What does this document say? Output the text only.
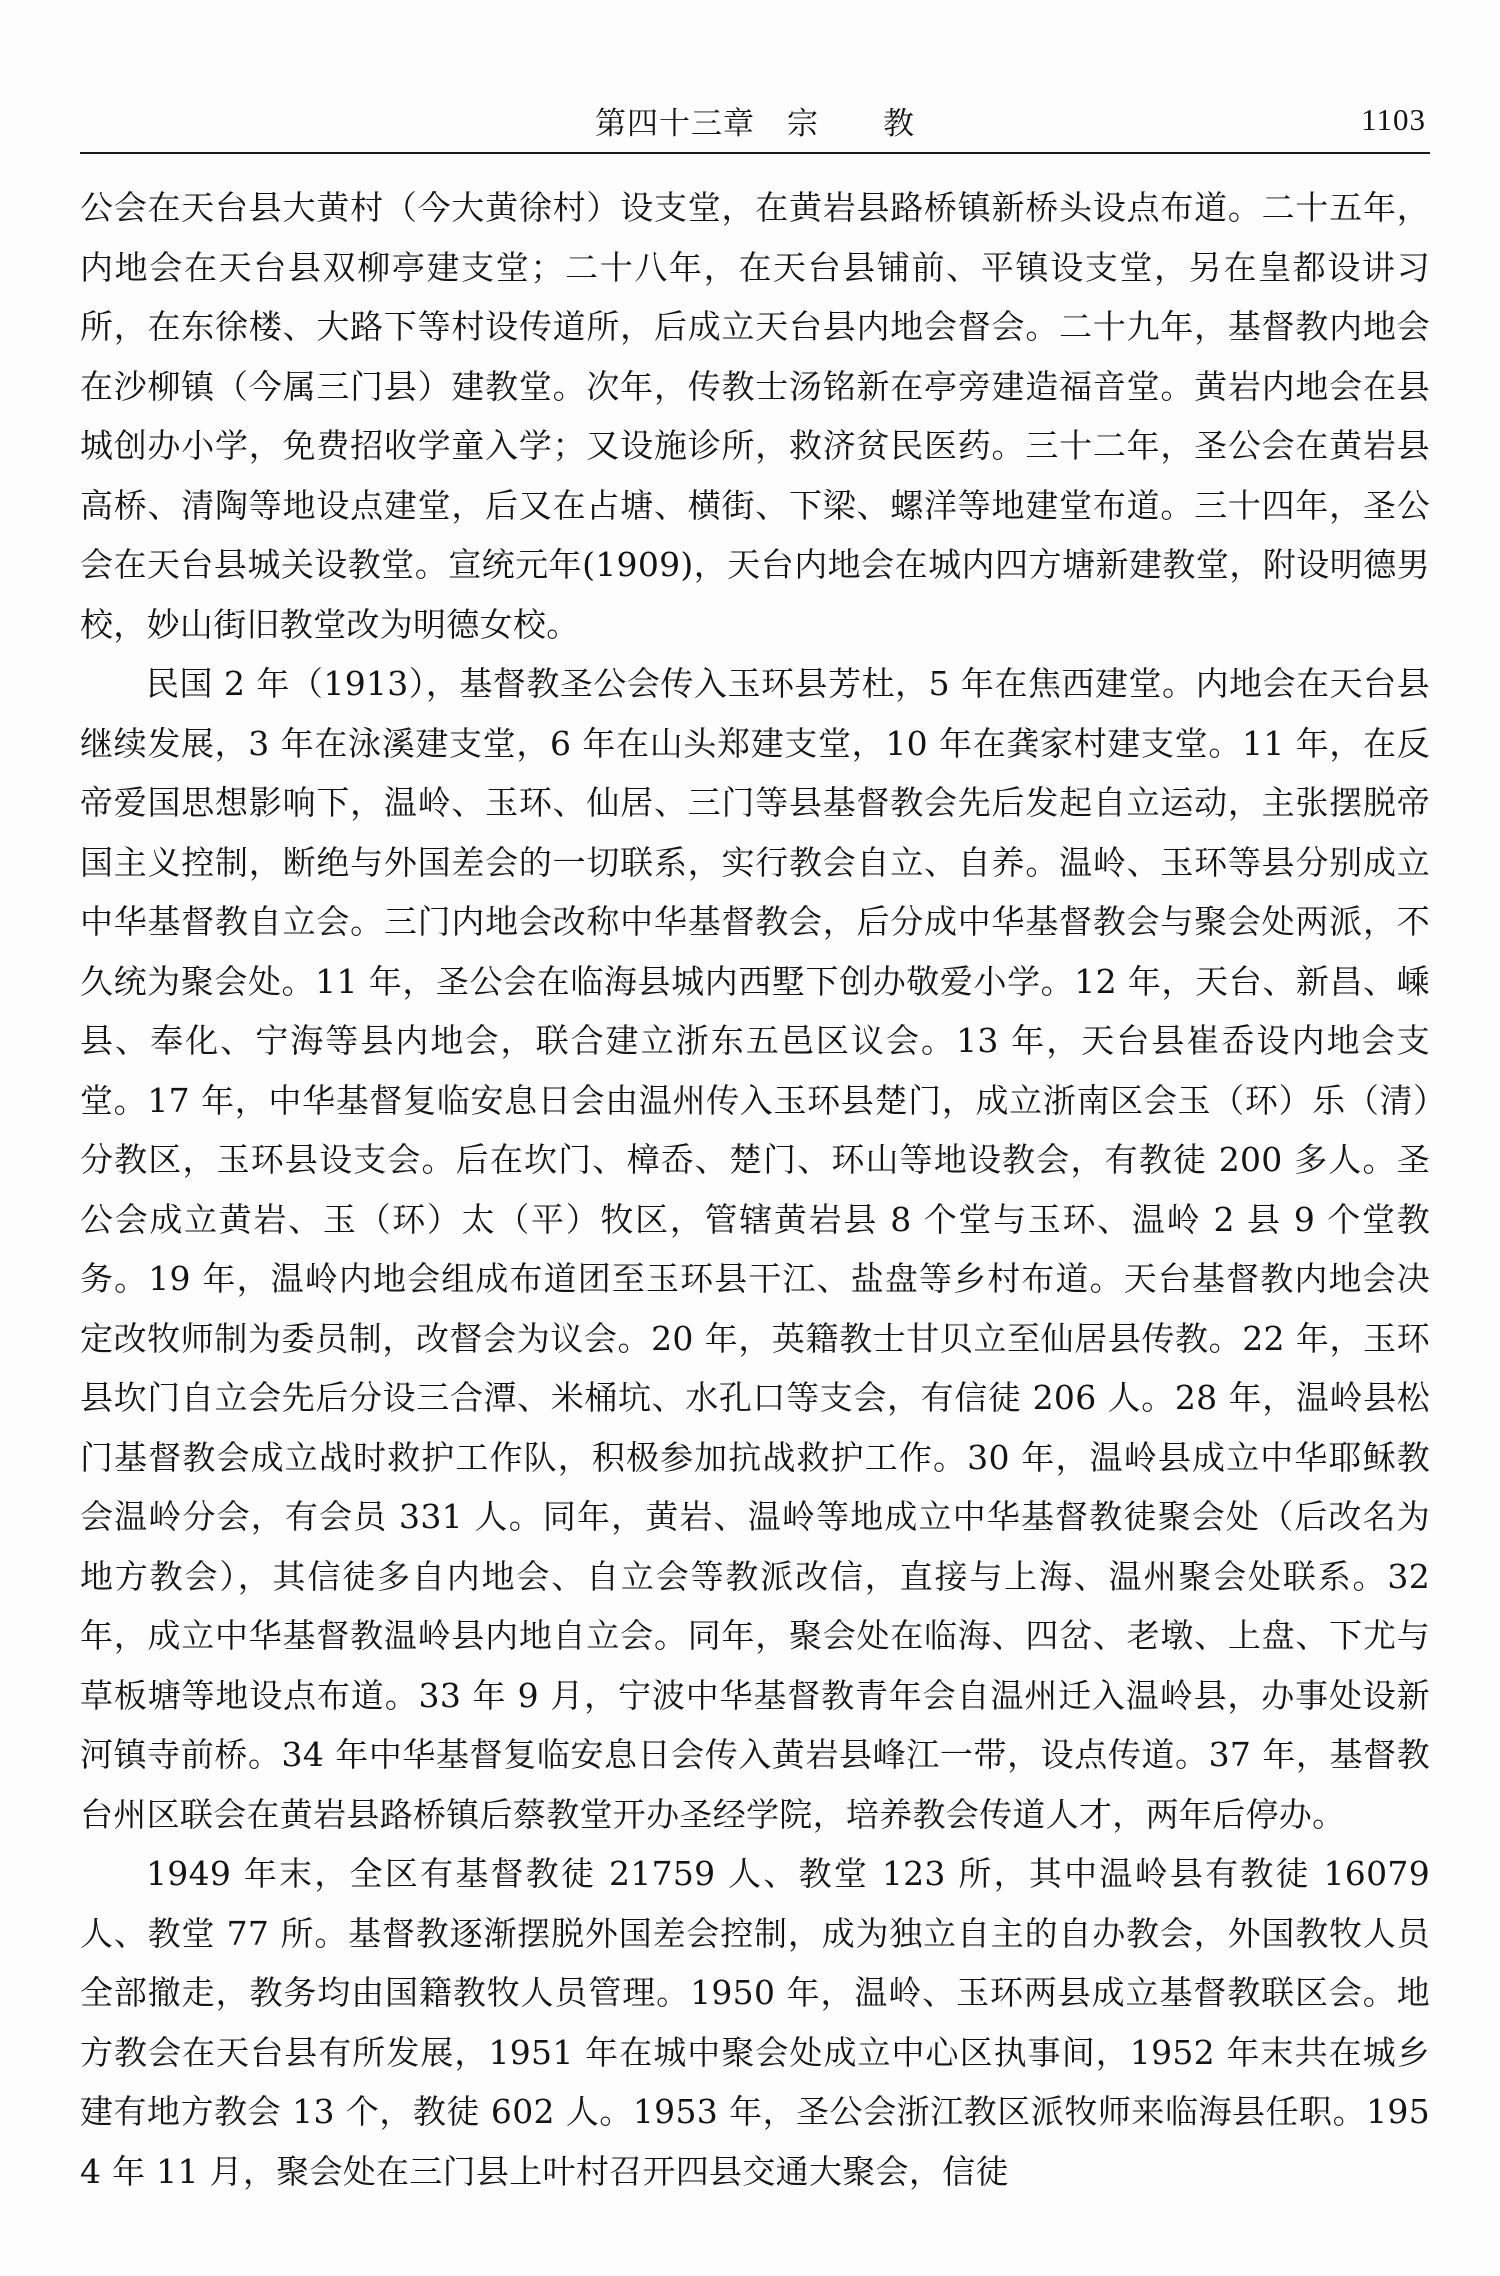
第四十三章　宗　　教	1103

公会在天台县大黄村（今大黄徐村）设支堂，在黄岩县路桥镇新桥头设点布道。二十五年，内地会在天台县双柳亭建支堂；二十八年，在天台县铺前、平镇设支堂，另在皇都设讲习所，在东徐楼、大路下等村设传道所，后成立天台县内地会督会。二十九年，基督教内地会在沙柳镇（今属三门县）建教堂。次年，传教士汤铭新在亭旁建造福音堂。黄岩内地会在县城创办小学，免费招收学童入学；又设施诊所，救济贫民医药。三十二年，圣公会在黄岩县高桥、清陶等地设点建堂，后又在占塘、横街、下梁、螺洋等地建堂布道。三十四年，圣公会在天台县城关设教堂。宣统元年(1909)，天台内地会在城内四方塘新建教堂，附设明德男校，妙山街旧教堂改为明德女校。

民国 2 年（1913），基督教圣公会传入玉环县芳杜，5 年在焦西建堂。内地会在天台县继续发展，3 年在泳溪建支堂，6 年在山头郑建支堂，10 年在龚家村建支堂。11 年，在反帝爱国思想影响下，温岭、玉环、仙居、三门等县基督教会先后发起自立运动，主张摆脱帝国主义控制，断绝与外国差会的一切联系，实行教会自立、自养。温岭、玉环等县分别成立中华基督教自立会。三门内地会改称中华基督教会，后分成中华基督教会与聚会处两派，不久统为聚会处。11 年，圣公会在临海县城内西墅下创办敬爱小学。12 年，天台、新昌、嵊县、奉化、宁海等县内地会，联合建立浙东五邑区议会。13 年，天台县崔岙设内地会支堂。17 年，中华基督复临安息日会由温州传入玉环县楚门，成立浙南区会玉（环）乐（清）分教区，玉环县设支会。后在坎门、樟岙、楚门、环山等地设教会，有教徒 200 多人。圣公会成立黄岩、玉（环）太（平）牧区，管辖黄岩县 8 个堂与玉环、温岭 2 县 9 个堂教务。19 年，温岭内地会组成布道团至玉环县干江、盐盘等乡村布道。天台基督教内地会决定改牧师制为委员制，改督会为议会。20 年，英籍教士甘贝立至仙居县传教。22 年，玉环县坎门自立会先后分设三合潭、米桶坑、水孔口等支会，有信徒 206 人。28 年，温岭县松门基督教会成立战时救护工作队，积极参加抗战救护工作。30 年，温岭县成立中华耶稣教会温岭分会，有会员 331 人。同年，黄岩、温岭等地成立中华基督教徒聚会处（后改名为地方教会），其信徒多自内地会、自立会等教派改信，直接与上海、温州聚会处联系。32 年，成立中华基督教温岭县内地自立会。同年，聚会处在临海、四岔、老墩、上盘、下尤与草板塘等地设点布道。33 年 9 月，宁波中华基督教青年会自温州迁入温岭县，办事处设新河镇寺前桥。34 年中华基督复临安息日会传入黄岩县峰江一带，设点传道。37 年，基督教台州区联会在黄岩县路桥镇后蔡教堂开办圣经学院，培养教会传道人才，两年后停办。

1949 年末，全区有基督教徒 21759 人、教堂 123 所，其中温岭县有教徒 16079 人、教堂 77 所。基督教逐渐摆脱外国差会控制，成为独立自主的自办教会，外国教牧人员全部撤走，教务均由国籍教牧人员管理。1950 年，温岭、玉环两县成立基督教联区会。地方教会在天台县有所发展，1951 年在城中聚会处成立中心区执事间，1952 年末共在城乡建有地方教会 13 个，教徒 602 人。1953 年，圣公会浙江教区派牧师来临海县任职。1954 年 11 月，聚会处在三门县上叶村召开四县交通大聚会，信徒
